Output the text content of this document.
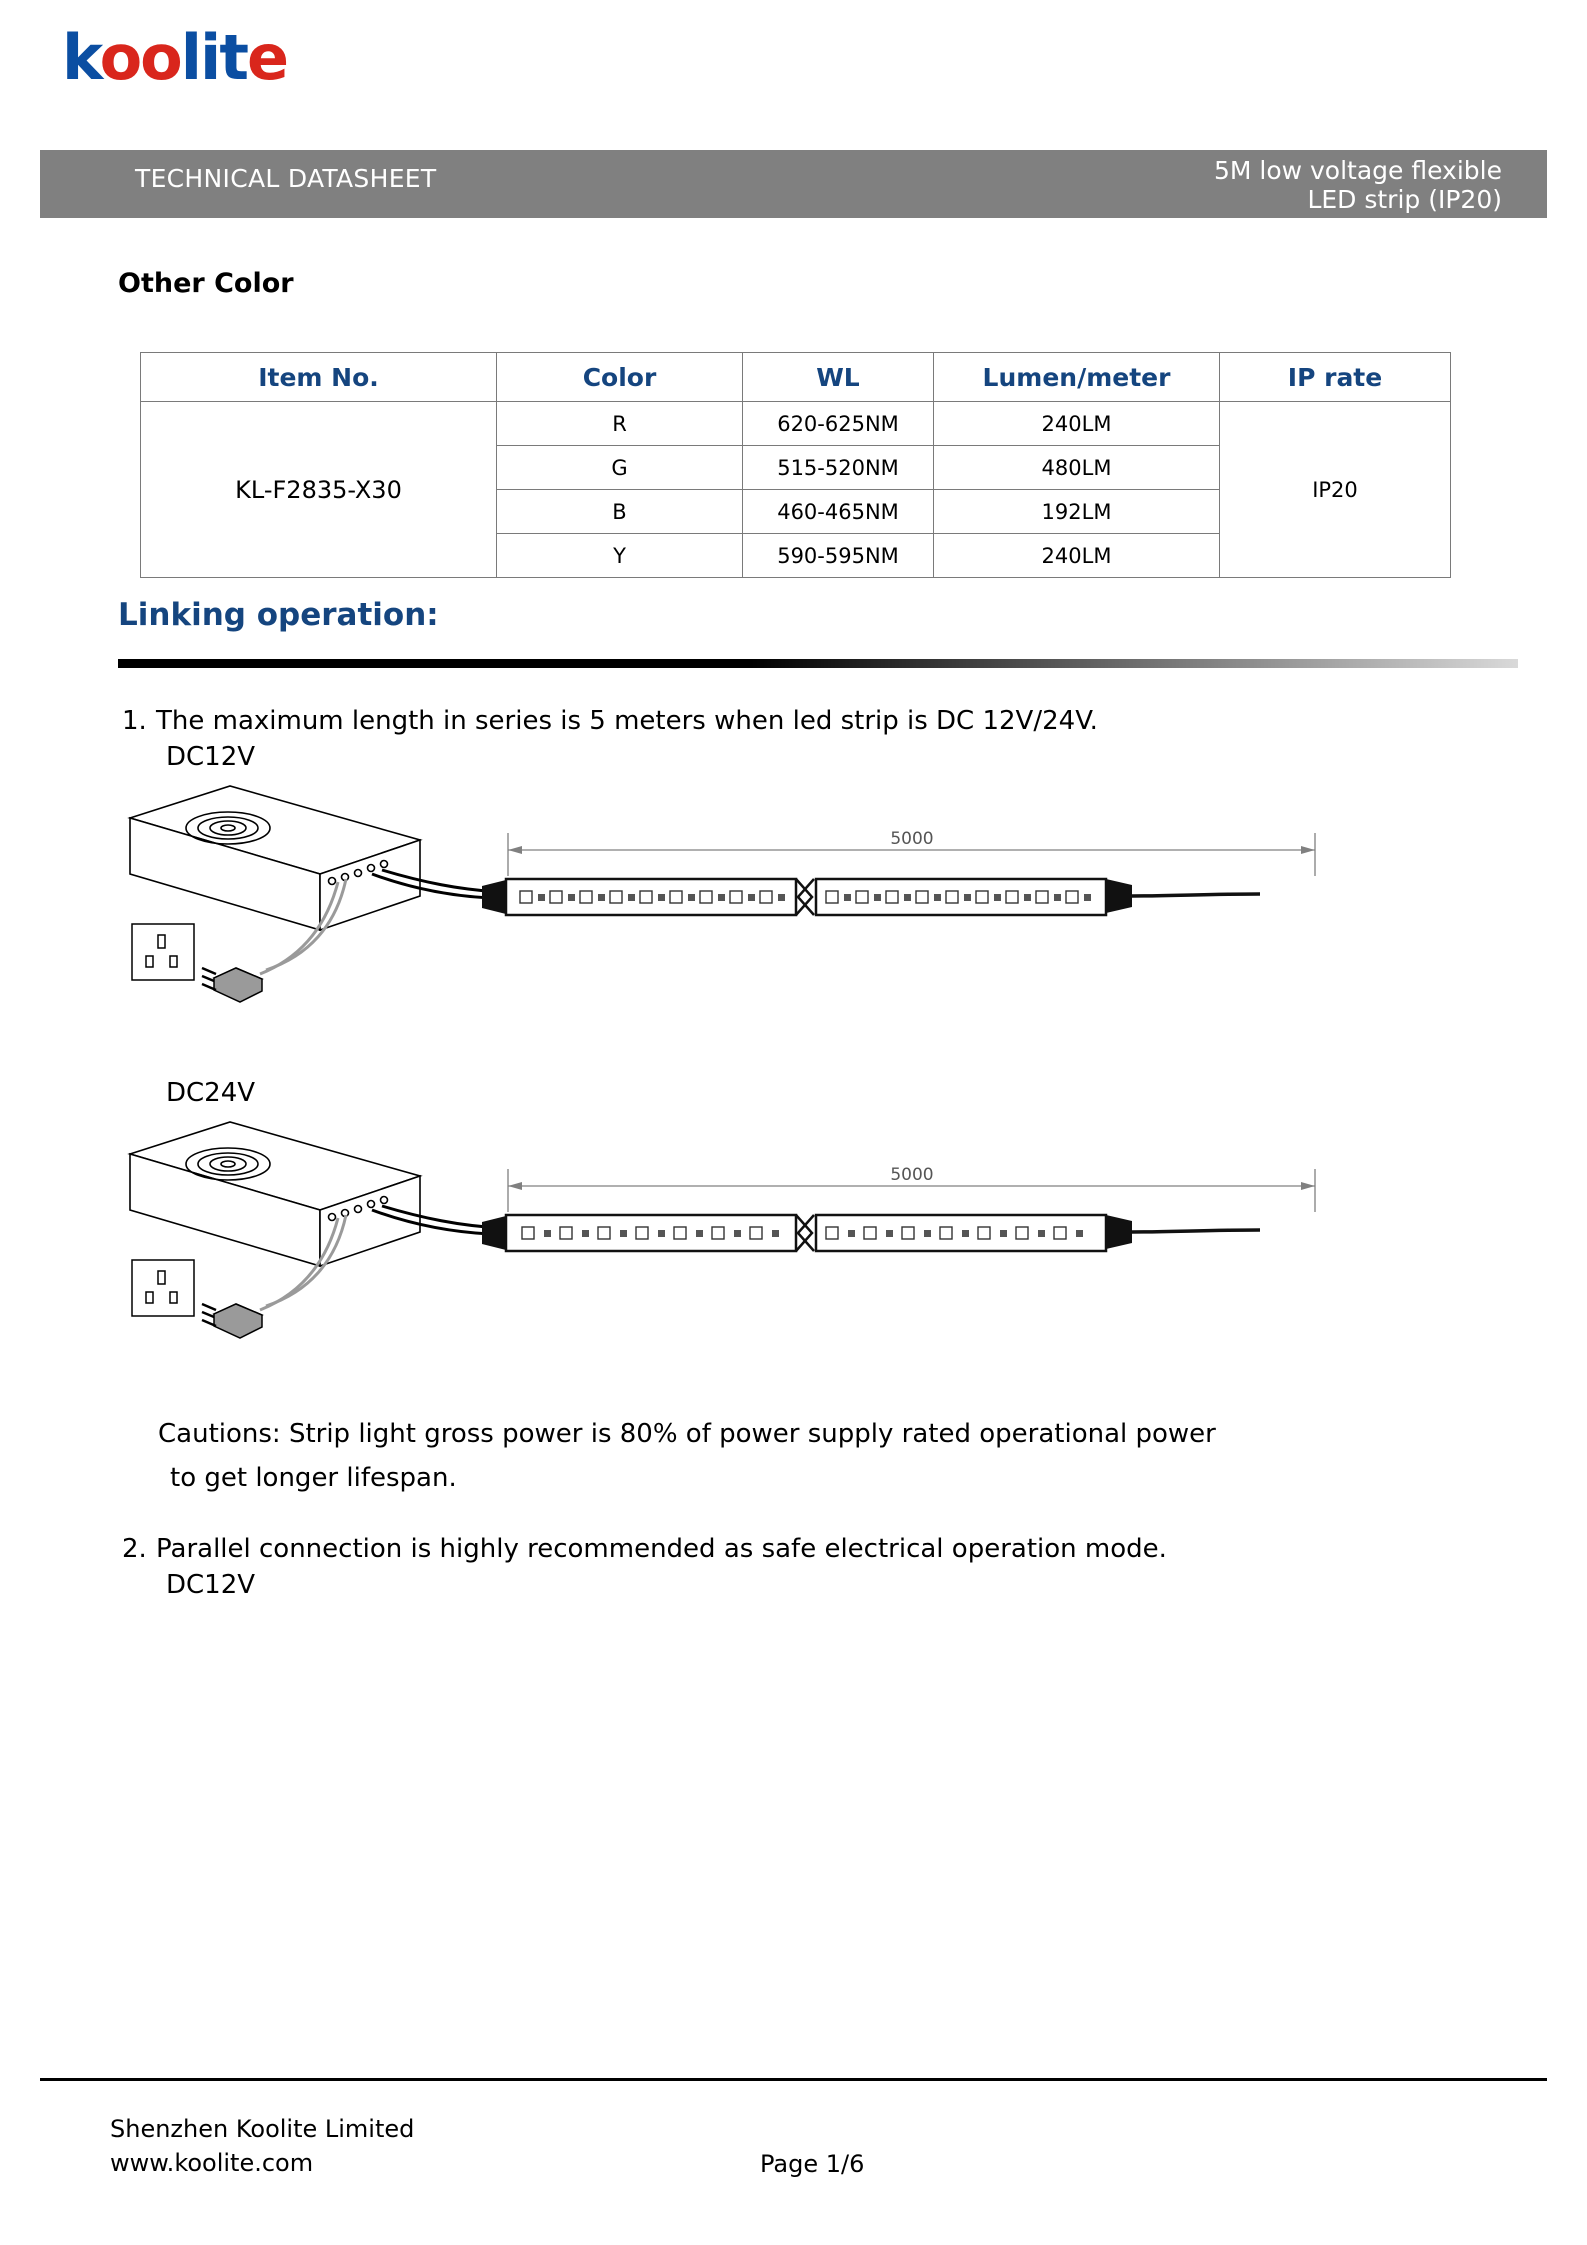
koolite
TECHNICAL DATASHEET	5M low voltage flexible
LED strip (IP20)
Other Color
Item No.	Color	WL	Lumen/meter	IP rate
KL-F2835-X30	R	620-625NM	240LM	IP20
	G	515-520NM	480LM	
	B	460-465NM	192LM	
	Y	590-595NM	240LM	
Linking operation:
1. The maximum length in series is 5 meters when led strip is DC 12V/24V.
DC12V
5000
DC24V
5000
Cautions: Strip light gross power is 80% of power supply rated operational power
to get longer lifespan.
2. Parallel connection is highly recommended as safe electrical operation mode.
DC12V
Shenzhen Koolite Limited
www.koolite.com	Page 1/6
